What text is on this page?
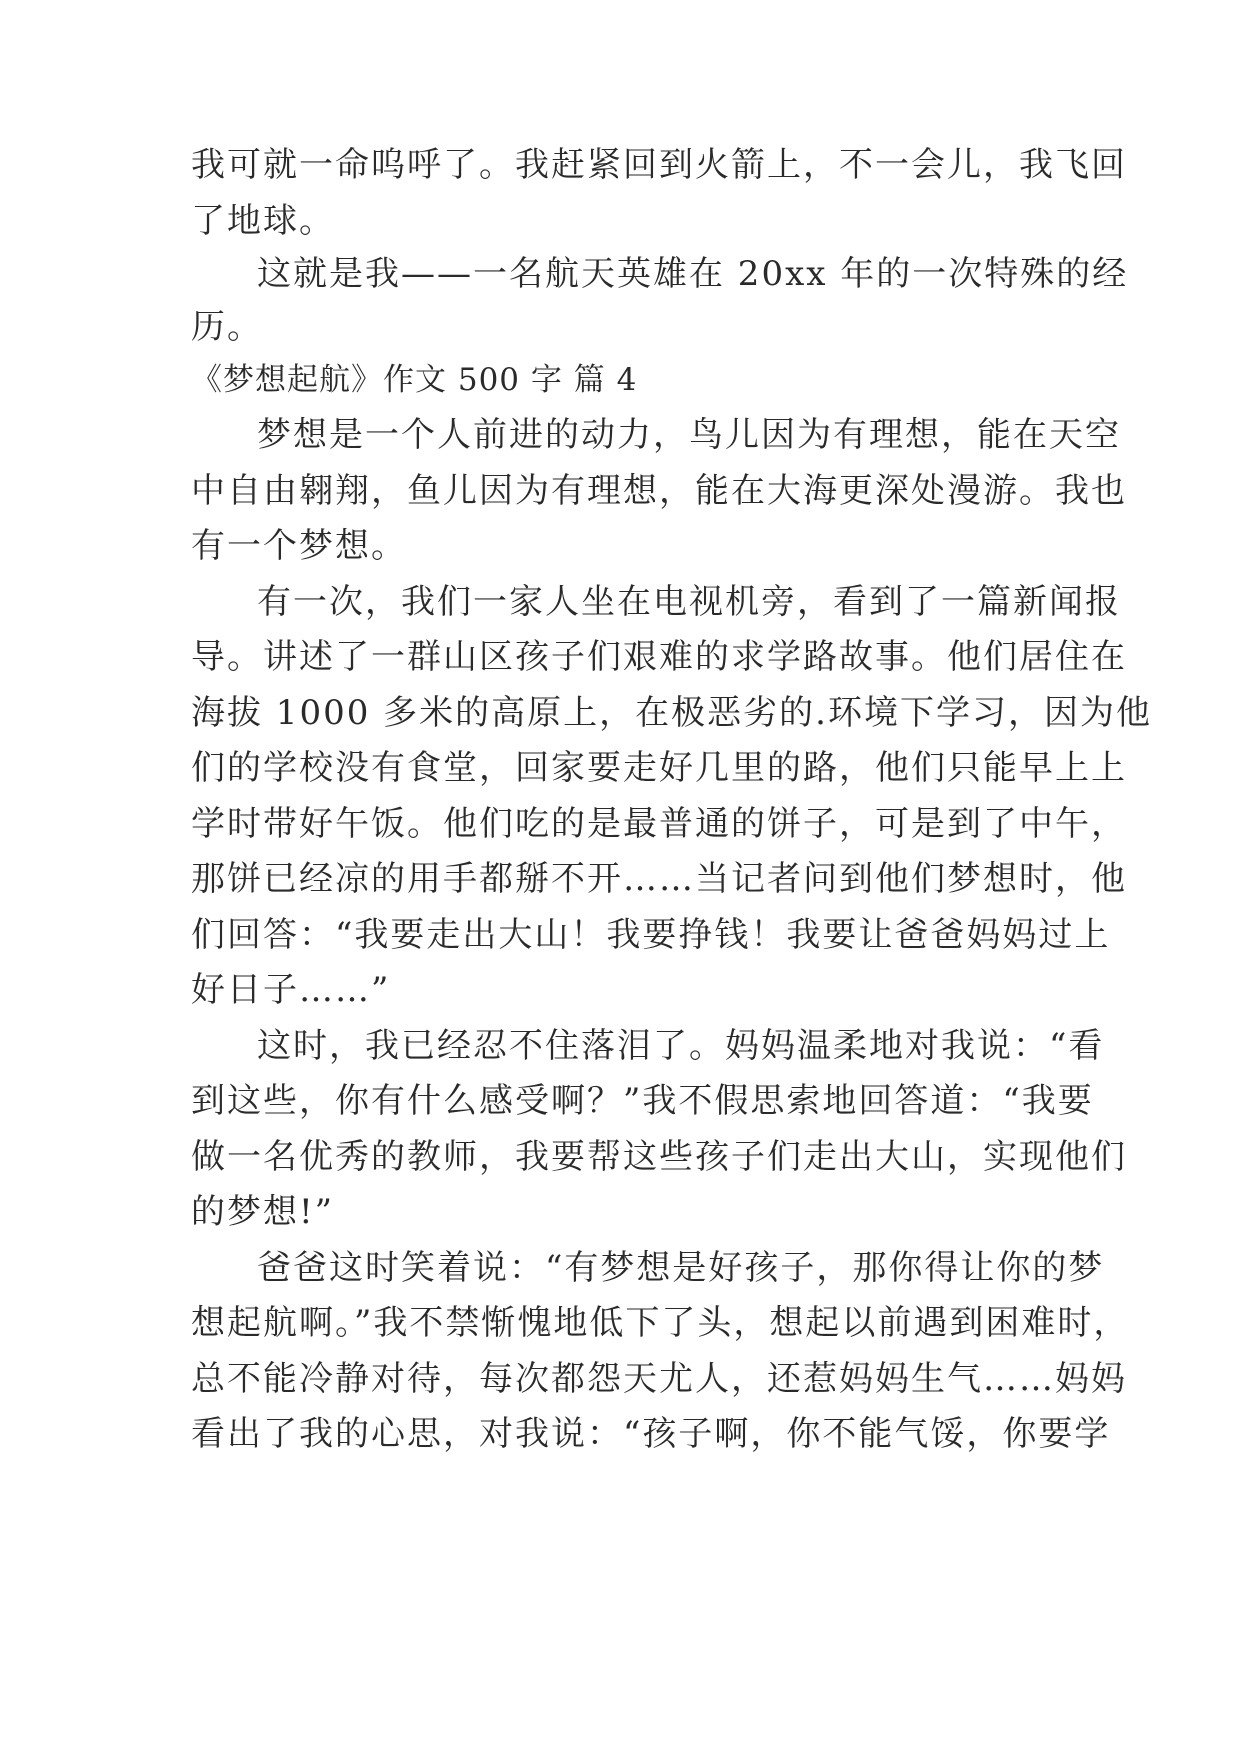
我可就一命呜呼了。我赶紧回到火箭上，不一会儿，我飞回
了地球。
这就是我——一名航天英雄在 20xx 年的一次特殊的经
历。
《梦想起航》作文 500 字 篇 4
梦想是一个人前进的动力，鸟儿因为有理想，能在天空
中自由翱翔，鱼儿因为有理想，能在大海更深处漫游。我也
有一个梦想。
有一次，我们一家人坐在电视机旁，看到了一篇新闻报
导。讲述了一群山区孩子们艰难的求学路故事。他们居住在
海拔 1000 多米的高原上，在极恶劣的.环境下学习，因为他
们的学校没有食堂，回家要走好几里的路，他们只能早上上
学时带好午饭。他们吃的是最普通的饼子，可是到了中午，
那饼已经凉的用手都掰不开……当记者问到他们梦想时，他
们回答：“我要走出大山！我要挣钱！我要让爸爸妈妈过上
好日子……”
这时，我已经忍不住落泪了。妈妈温柔地对我说：“看
到这些，你有什么感受啊？”我不假思索地回答道：“我要
做一名优秀的教师，我要帮这些孩子们走出大山，实现他们
的梦想!”
爸爸这时笑着说：“有梦想是好孩子，那你得让你的梦
想起航啊。”我不禁惭愧地低下了头，想起以前遇到困难时，
总不能冷静对待，每次都怨天尤人，还惹妈妈生气……妈妈
看出了我的心思，对我说：“孩子啊，你不能气馁，你要学
